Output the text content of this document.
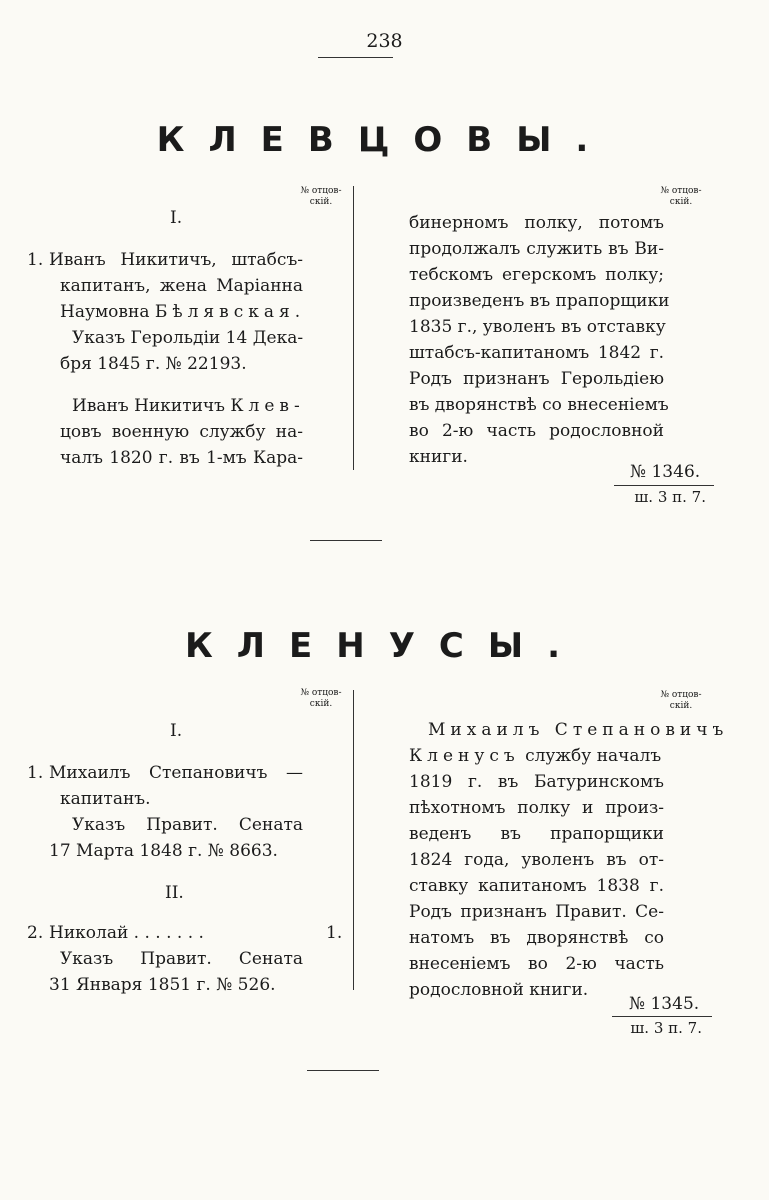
238
КЛЕВЦОВЫ.
№ отцов-
скій.
№ отцов-
скій.
I.
1. Иванъ Никитичъ, штабсъ-
капитанъ, жена Маріанна
Наумовна Бѣлявская.
Указъ Герольдіи 14 Дека-
бря 1845 г. № 22193.
Иванъ Никитичъ Клев-
цовъ военную службу на-
чалъ 1820 г. въ 1-мъ Кара-
бинерномъ полку, потомъ
продолжалъ служить въ Ви-
тебскомъ егерскомъ полку;
произведенъ въ прапорщики
1835 г., уволенъ въ отставку
штабсъ-капитаномъ 1842 г.
Родъ признанъ Герольдіею
въ дворянствѣ со внесеніемъ
во 2-ю часть родословной
книги.
№ 1346.
ш. 3 п. 7.
КЛЕНУСЫ.
№ отцов-
скій.
№ отцов-
скій.
I.
1. Михаилъ Степановичъ —
капитанъ.
Указъ Правит. Сената
17 Марта 1848 г. № 8663.
II.
2. Николай . . . . . . .	1.
Указъ Правит. Сената
31 Января 1851 г. № 526.
Михаилъ Степановичъ
Кленусъ службу началъ
1819 г. въ Батуринскомъ
пѣхотномъ полку и произ-
веденъ въ прапорщики
1824 года, уволенъ въ от-
ставку капитаномъ 1838 г.
Родъ признанъ Правит. Се-
натомъ въ дворянствѣ со
внесеніемъ во 2-ю часть
родословной книги.
№ 1345.
ш. 3 п. 7.
